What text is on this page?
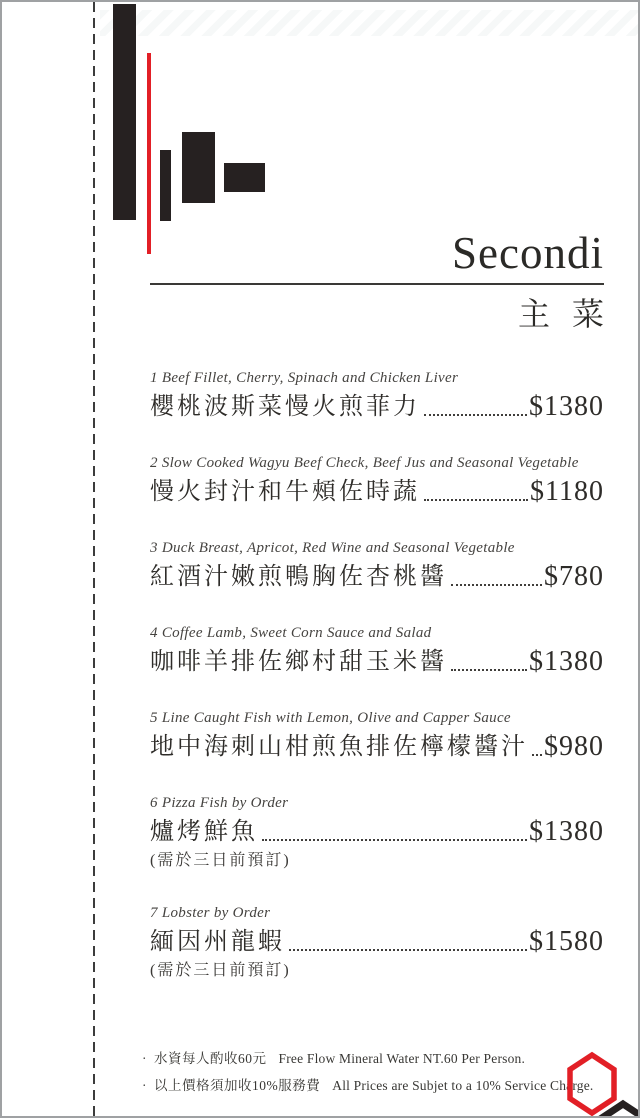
Secondi
主菜
1 Beef Fillet, Cherry, Spinach and Chicken Liver
櫻桃波斯菜慢火煎菲力	$1380
2 Slow Cooked Wagyu Beef Check, Beef Jus and Seasonal Vegetable
慢火封汁和牛頰佐時蔬	$1180
3 Duck Breast, Apricot, Red Wine and Seasonal Vegetable
紅酒汁嫩煎鴨胸佐杏桃醬	$780
4 Coffee Lamb, Sweet Corn Sauce and Salad
咖啡羊排佐鄉村甜玉米醬	$1380
5 Line Caught Fish with Lemon, Olive and Capper Sauce
地中海刺山柑煎魚排佐檸檬醬汁 $980
6 Pizza Fish by Order
爐烤鮮魚	$1380
(需於三日前預訂)
7 Lobster by Order
緬因州龍蝦	$1580
(需於三日前預訂)
· 水資每人酌收60元 Free Flow Mineral Water NT.60 Per Person.
· 以上價格須加收10%服務費 All Prices are Subjet to a 10% Service Charge.
